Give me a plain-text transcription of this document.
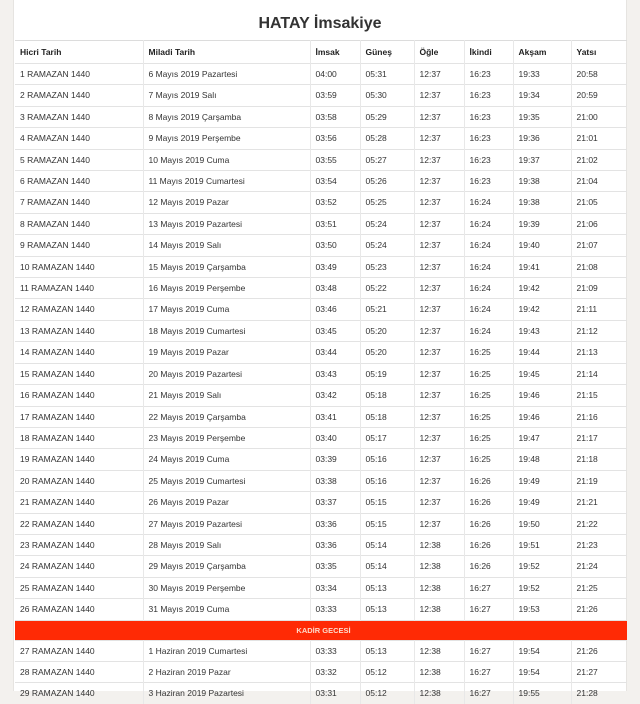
HATAY İmsakiye
Hicri Tarih	Miladi Tarih	İmsak	Güneş	Öğle	İkindi	Akşam	Yatsı
1 RAMAZAN 1440	6 Mayıs 2019 Pazartesi	04:00	05:31	12:37	16:23	19:33	20:58
2 RAMAZAN 1440	7 Mayıs 2019 Salı	03:59	05:30	12:37	16:23	19:34	20:59
3 RAMAZAN 1440	8 Mayıs 2019 Çarşamba	03:58	05:29	12:37	16:23	19:35	21:00
4 RAMAZAN 1440	9 Mayıs 2019 Perşembe	03:56	05:28	12:37	16:23	19:36	21:01
5 RAMAZAN 1440	10 Mayıs 2019 Cuma	03:55	05:27	12:37	16:23	19:37	21:02
6 RAMAZAN 1440	11 Mayıs 2019 Cumartesi	03:54	05:26	12:37	16:23	19:38	21:04
7 RAMAZAN 1440	12 Mayıs 2019 Pazar	03:52	05:25	12:37	16:24	19:38	21:05
8 RAMAZAN 1440	13 Mayıs 2019 Pazartesi	03:51	05:24	12:37	16:24	19:39	21:06
9 RAMAZAN 1440	14 Mayıs 2019 Salı	03:50	05:24	12:37	16:24	19:40	21:07
10 RAMAZAN 1440	15 Mayıs 2019 Çarşamba	03:49	05:23	12:37	16:24	19:41	21:08
11 RAMAZAN 1440	16 Mayıs 2019 Perşembe	03:48	05:22	12:37	16:24	19:42	21:09
12 RAMAZAN 1440	17 Mayıs 2019 Cuma	03:46	05:21	12:37	16:24	19:42	21:11
13 RAMAZAN 1440	18 Mayıs 2019 Cumartesi	03:45	05:20	12:37	16:24	19:43	21:12
14 RAMAZAN 1440	19 Mayıs 2019 Pazar	03:44	05:20	12:37	16:25	19:44	21:13
15 RAMAZAN 1440	20 Mayıs 2019 Pazartesi	03:43	05:19	12:37	16:25	19:45	21:14
16 RAMAZAN 1440	21 Mayıs 2019 Salı	03:42	05:18	12:37	16:25	19:46	21:15
17 RAMAZAN 1440	22 Mayıs 2019 Çarşamba	03:41	05:18	12:37	16:25	19:46	21:16
18 RAMAZAN 1440	23 Mayıs 2019 Perşembe	03:40	05:17	12:37	16:25	19:47	21:17
19 RAMAZAN 1440	24 Mayıs 2019 Cuma	03:39	05:16	12:37	16:25	19:48	21:18
20 RAMAZAN 1440	25 Mayıs 2019 Cumartesi	03:38	05:16	12:37	16:26	19:49	21:19
21 RAMAZAN 1440	26 Mayıs 2019 Pazar	03:37	05:15	12:37	16:26	19:49	21:21
22 RAMAZAN 1440	27 Mayıs 2019 Pazartesi	03:36	05:15	12:37	16:26	19:50	21:22
23 RAMAZAN 1440	28 Mayıs 2019 Salı	03:36	05:14	12:38	16:26	19:51	21:23
24 RAMAZAN 1440	29 Mayıs 2019 Çarşamba	03:35	05:14	12:38	16:26	19:52	21:24
25 RAMAZAN 1440	30 Mayıs 2019 Perşembe	03:34	05:13	12:38	16:27	19:52	21:25
26 RAMAZAN 1440	31 Mayıs 2019 Cuma	03:33	05:13	12:38	16:27	19:53	21:26
KADİR GECESİ							
27 RAMAZAN 1440	1 Haziran 2019 Cumartesi	03:33	05:13	12:38	16:27	19:54	21:26
28 RAMAZAN 1440	2 Haziran 2019 Pazar	03:32	05:12	12:38	16:27	19:54	21:27
29 RAMAZAN 1440	3 Haziran 2019 Pazartesi	03:31	05:12	12:38	16:27	19:55	21:28
